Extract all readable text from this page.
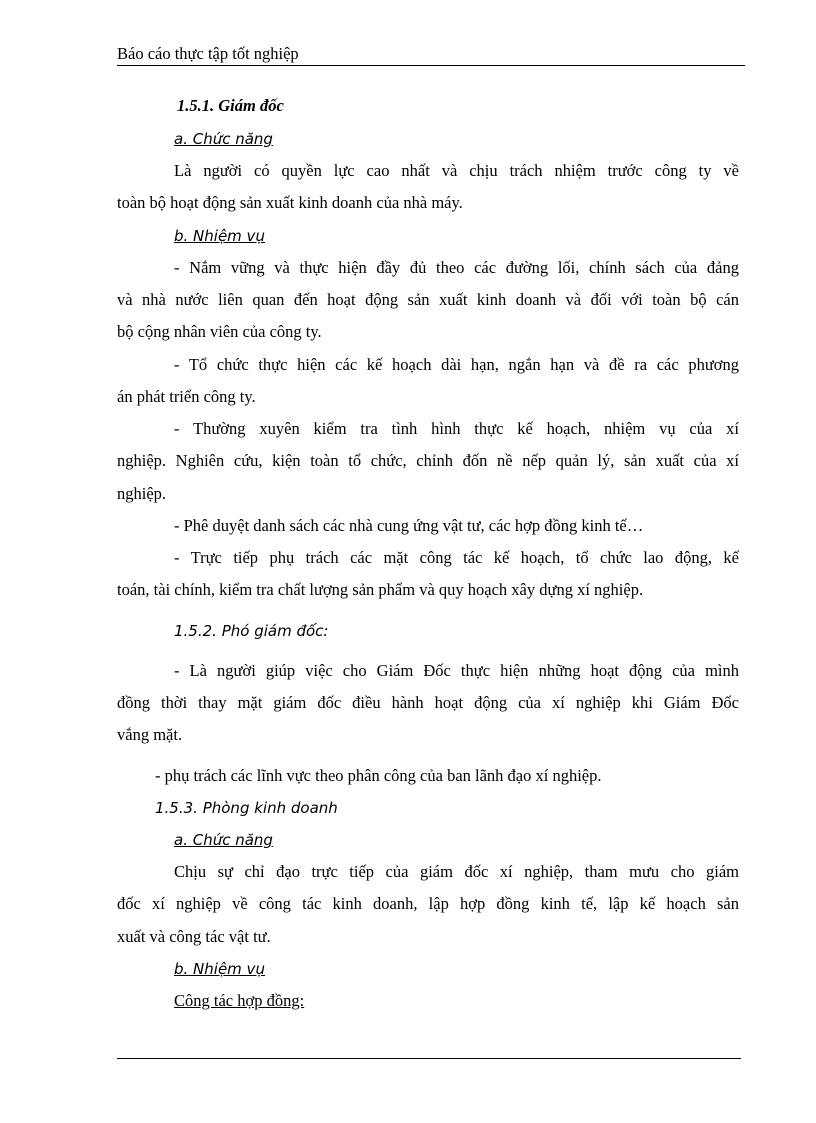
Báo cáo thực tập tốt nghiệp
1.5.1. Giám đốc
a. Chức năng
Là người có quyền lực cao nhất và chịu trách nhiệm trước công ty về
toàn bộ hoạt động sản xuất kinh doanh của nhà máy.
b. Nhiệm vụ
- Nắm vững và thực hiện đầy đủ theo các đường lối, chính sách của đảng
và nhà nước liên quan đến hoạt động sản xuất kinh doanh và đối với toàn bộ cán
bộ cộng nhân viên của công ty.
- Tổ chức thực hiện các kế hoạch dài hạn, ngắn hạn và đề ra các phương
án phát triển công ty.
- Thường xuyên kiểm tra tình hình thực kế hoạch, nhiệm vụ của xí
nghiệp. Nghiên cứu, kiện toàn tổ chức, chỉnh đốn nề nếp quản lý, sản xuất của xí
nghiệp.
- Phê duyệt danh sách các nhà cung ứng vật tư, các hợp đồng kinh tế…
- Trực tiếp phụ trách các mặt công tác kế hoạch, tổ chức lao động, kế
toán, tài chính, kiểm tra chất lượng sản phẩm và quy hoạch xây dựng xí nghiệp.
1.5.2. Phó giám đốc:
- Là người giúp việc cho Giám Đốc thực hiện những hoạt động của mình
đồng thời thay mặt giám đốc điều hành hoạt động của xí nghiệp khi Giám Đốc
vắng mặt.
- phụ trách các lĩnh vực theo phân công của ban lãnh đạo xí nghiệp.
1.5.3. Phòng kinh doanh
a. Chức năng
Chịu sự chỉ đạo trực tiếp của giám đốc xí nghiệp, tham mưu cho giám
đốc xí nghiệp về công tác kinh doanh, lập hợp đồng kinh tế, lập kế hoạch sản
xuất và công tác vật tư.
b. Nhiệm vụ
Công tác hợp đồng:
